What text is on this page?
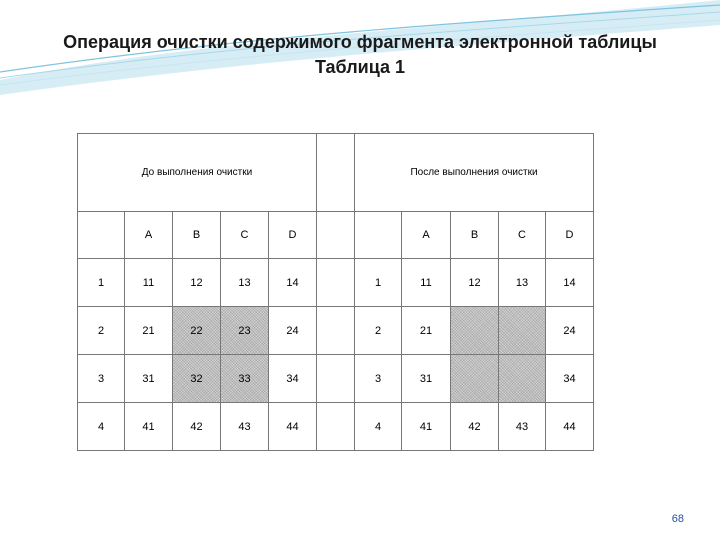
Операция очистки содержимого фрагмента электронной таблицы
Таблица 1
До выполнения очистки						После выполнения очистки				
	A	B	C	D			A	B	C	D
1	11	12	13	14		1	11	12	13	14
2	21	22	23	24		2	21			24
3	31	32	33	34		3	31			34
4	41	42	43	44		4	41	42	43	44
68
